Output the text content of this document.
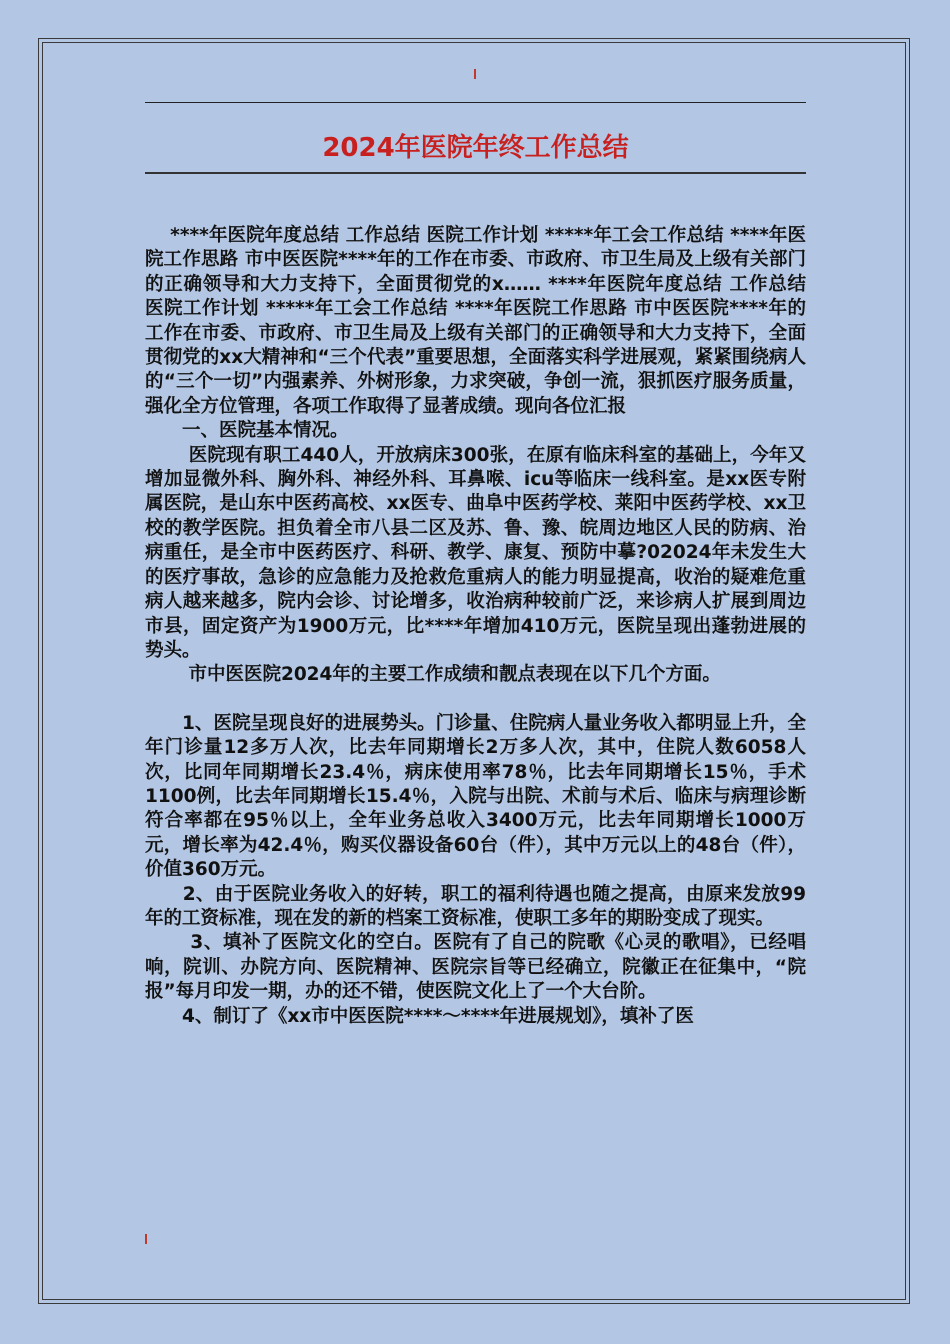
2024年医院年终工作总结

　 ****年医院年度总结 工作总结 医院工作计划 *****年工会工作总结 ****年医院工作思路 市中医医院****年的工作在市委、市政府、市卫生局及上级有关部门的正确领导和大力支持下，全面贯彻党的x…… ****年医院年度总结 工作总结 医院工作计划 *****年工会工作总结 ****年医院工作思路 市中医医院****年的工作在市委、市政府、市卫生局及上级有关部门的正确领导和大力支持下，全面贯彻党的xx大精神和“三个代表”重要思想，全面落实科学进展观，紧紧围绕病人的“三个一切”内强素养、外树形象，力求突破，争创一流，狠抓医疗服务质量，强化全方位管理，各项工作取得了显著成绩。现向各位汇报

　　一、医院基本情况。

　　 医院现有职工440人，开放病床300张，在原有临床科室的基础上，今年又增加显微外科、胸外科、神经外科、耳鼻喉、icu等临床一线科室。是xx医专附属医院，是山东中医药高校、xx医专、曲阜中医药学校、莱阳中医药学校、xx卫校的教学医院。担负着全市八县二区及苏、鲁、豫、皖周边地区人民的防病、治病重任，是全市中医药医疗、科研、教学、康复、预防中摹?02024年未发生大的医疗事故，急诊的应急能力及抢救危重病人的能力明显提高，收治的疑难危重病人越来越多，院内会诊、讨论增多，收治病种较前广泛，来诊病人扩展到周边市县，固定资产为1900万元，比****年增加410万元，医院呈现出蓬勃进展的势头。

　　 市中医医院2024年的主要工作成绩和靓点表现在以下几个方面。

　　1、医院呈现良好的进展势头。门诊量、住院病人量业务收入都明显上升，全年门诊量12多万人次，比去年同期增长2万多人次，其中，住院人数6058人次，比同年同期增长23.4％，病床使用率78％，比去年同期增长15％，手术1100例，比去年同期增长15.4％，入院与出院、术前与术后、临床与病理诊断符合率都在95％以上，全年业务总收入3400万元，比去年同期增长1000万元，增长率为42.4％，购买仪器设备60台（件），其中万元以上的48台（件），价值360万元。

　　2、由于医院业务收入的好转，职工的福利待遇也随之提高，由原来发放99年的工资标准，现在发的新的档案工资标准，使职工多年的期盼变成了现实。

　　 3、填补了医院文化的空白。医院有了自己的院歌《心灵的歌唱》，已经唱响，院训、办院方向、医院精神、医院宗旨等已经确立，院徽正在征集中，“院报”每月印发一期，办的还不错，使医院文化上了一个大台阶。

　　4、制订了《xx市中医医院****～****年进展规划》，填补了医
